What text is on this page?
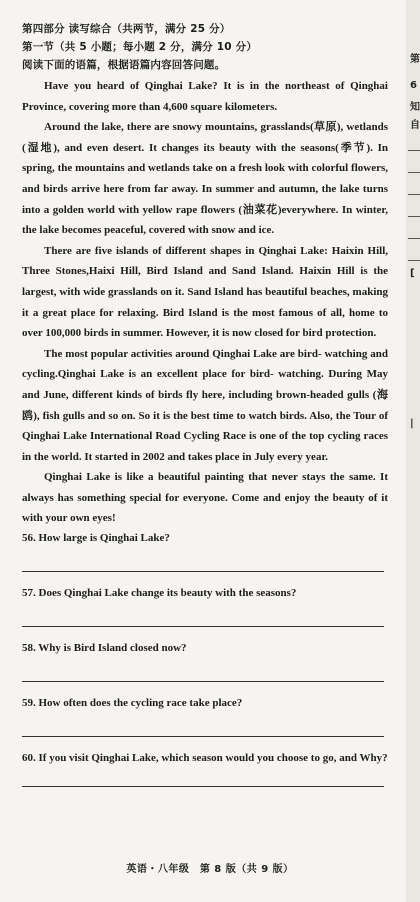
第四部分 读写综合（共两节，满分 25 分）
第一节（共 5 小题；每小题 2 分，满分 10 分）
阅读下面的语篇，根据语篇内容回答问题。

Have you heard of Qinghai Lake? It is in the northeast of Qinghai Province, covering more than 4,600 square kilometers.

Around the lake, there are snowy mountains, grasslands(草原), wetlands (湿地), and even desert. It changes its beauty with the seasons(季节). In spring, the mountains and wetlands take on a fresh look with colorful flowers, and birds arrive here from far away. In summer and autumn, the lake turns into a golden world with yellow rape flowers (油菜花)everywhere. In winter, the lake becomes peaceful, covered with snow and ice.

There are five islands of different shapes in Qinghai Lake: Haixin Hill, Three Stones,Haixi Hill, Bird Island and Sand Island. Haixin Hill is the largest, with wide grasslands on it. Sand Island has beautiful beaches, making it a great place for relaxing. Bird Island is the most famous of all, home to over 100,000 birds in summer. However, it is now closed for bird protection.

The most popular activities around Qinghai Lake are bird- watching and cycling.Qinghai Lake is an excellent place for bird- watching. During May and June, different kinds of birds fly here, including brown-headed gulls (海鸥), fish gulls and so on. So it is the best time to watch birds. Also, the Tour of Qinghai Lake International Road Cycling Race is one of the top cycling races in the world. It started in 2002 and takes place in July every year.

Qinghai Lake is like a beautiful painting that never stays the same. It always has something special for everyone. Come and enjoy the beauty of it with your own eyes!

56. How large is Qinghai Lake?

57. Does Qinghai Lake change its beauty with the seasons?

58. Why is Bird Island closed now?

59. How often does the cycling race take place?

60. If you visit Qinghai Lake, which season would you choose to go, and Why?

英语・八年级　第 8 版（共 9 版）
第
6
知
自
[
|
